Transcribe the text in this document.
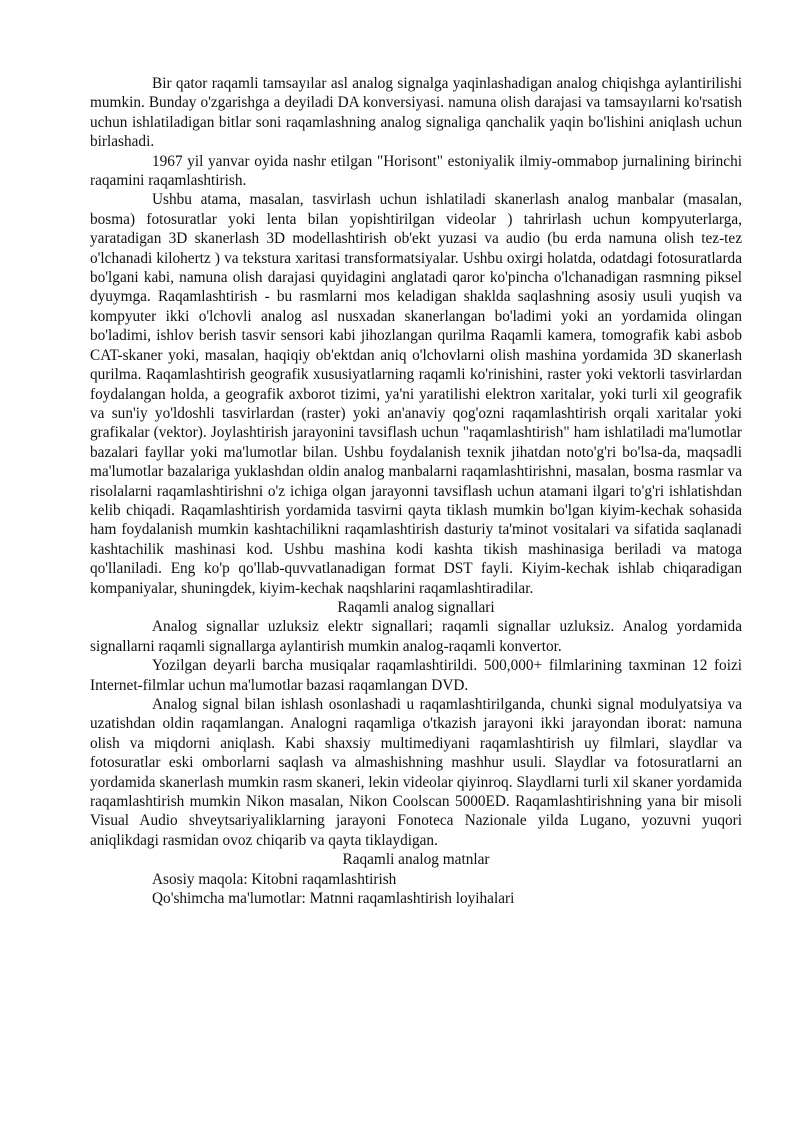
Bir qator raqamli tamsayılar asl analog signalga yaqinlashadigan analog chiqishga aylantirilishi mumkin. Bunday o'zgarishga a deyiladi DA konversiyasi. namuna olish darajasi va tamsayılarni ko'rsatish uchun ishlatiladigan bitlar soni raqamlashning analog signaliga qanchalik yaqin bo'lishini aniqlash uchun birlashadi.

1967 yil yanvar oyida nashr etilgan "Horisont" estoniyalik ilmiy-ommabop jurnalining birinchi raqamini raqamlashtirish.

Ushbu atama, masalan, tasvirlash uchun ishlatiladi skanerlash analog manbalar (masalan, bosma) fotosuratlar yoki lenta bilan yopishtirilgan videolar ) tahrirlash uchun kompyuterlarga, yaratadigan 3D skanerlash 3D modellashtirish ob'ekt yuzasi va audio (bu erda namuna olish tez-tez o'lchanadi kilohertz ) va tekstura xaritasi transformatsiyalar. Ushbu oxirgi holatda, odatdagi fotosuratlarda bo'lgani kabi, namuna olish darajasi quyidagini anglatadi qaror ko'pincha o'lchanadigan rasmning piksel dyuymga. Raqamlashtirish - bu rasmlarni mos keladigan shaklda saqlashning asosiy usuli yuqish va kompyuter ikki o'lchovli analog asl nusxadan skanerlangan bo'ladimi yoki an yordamida olingan bo'ladimi, ishlov berish tasvir sensori kabi jihozlangan qurilma Raqamli kamera, tomografik kabi asbob CAT-skaner yoki, masalan, haqiqiy ob'ektdan aniq o'lchovlarni olish mashina yordamida 3D skanerlash qurilma. Raqamlashtirish geografik xususiyatlarning raqamli ko'rinishini, raster yoki vektorli tasvirlardan foydalangan holda, a geografik axborot tizimi, ya'ni yaratilishi elektron xaritalar, yoki turli xil geografik va sun'iy yo'ldoshli tasvirlardan (raster) yoki an'anaviy qog'ozni raqamlashtirish orqali xaritalar yoki grafikalar (vektor). Joylashtirish jarayonini tavsiflash uchun "raqamlashtirish" ham ishlatiladi ma'lumotlar bazalari fayllar yoki ma'lumotlar bilan. Ushbu foydalanish texnik jihatdan noto'g'ri bo'lsa-da, maqsadli ma'lumotlar bazalariga yuklashdan oldin analog manbalarni raqamlashtirishni, masalan, bosma rasmlar va risolalarni raqamlashtirishni o'z ichiga olgan jarayonni tavsiflash uchun atamani ilgari to'g'ri ishlatishdan kelib chiqadi. Raqamlashtirish yordamida tasvirni qayta tiklash mumkin bo'lgan kiyim-kechak sohasida ham foydalanish mumkin kashtachilikni raqamlashtirish dasturiy ta'minot vositalari va sifatida saqlanadi kashtachilik mashinasi kod. Ushbu mashina kodi kashta tikish mashinasiga beriladi va matoga qo'llaniladi. Eng ko'p qo'llab-quvvatlanadigan format DST fayli. Kiyim-kechak ishlab chiqaradigan kompaniyalar, shuningdek, kiyim-kechak naqshlarini raqamlashtiradilar.

Raqamli analog signallari

Analog signallar uzluksiz elektr signallari; raqamli signallar uzluksiz. Analog yordamida signallarni raqamli signallarga aylantirish mumkin analog-raqamli konvertor.

Yozilgan deyarli barcha musiqalar raqamlashtirildi. 500,000+ filmlarining taxminan 12 foizi Internet-filmlar uchun ma'lumotlar bazasi raqamlangan DVD.

Analog signal bilan ishlash osonlashadi u raqamlashtirilganda, chunki signal modulyatsiya va uzatishdan oldin raqamlangan. Analogni raqamliga o'tkazish jarayoni ikki jarayondan iborat: namuna olish va miqdorni aniqlash. Kabi shaxsiy multimediyani raqamlashtirish uy filmlari, slaydlar va fotosuratlar eski omborlarni saqlash va almashishning mashhur usuli. Slaydlar va fotosuratlarni an yordamida skanerlash mumkin rasm skaneri, lekin videolar qiyinroq. Slaydlarni turli xil skaner yordamida raqamlashtirish mumkin Nikon masalan, Nikon Coolscan 5000ED. Raqamlashtirishning yana bir misoli Visual Audio shveytsariyaliklarning jarayoni Fonoteca Nazionale yilda Lugano, yozuvni yuqori aniqlikdagi rasmidan ovoz chiqarib va qayta tiklaydigan.

Raqamli analog matnlar
Asosiy maqola: Kitobni raqamlashtirish
Qo'shimcha ma'lumotlar: Matnni raqamlashtirish loyihalari
